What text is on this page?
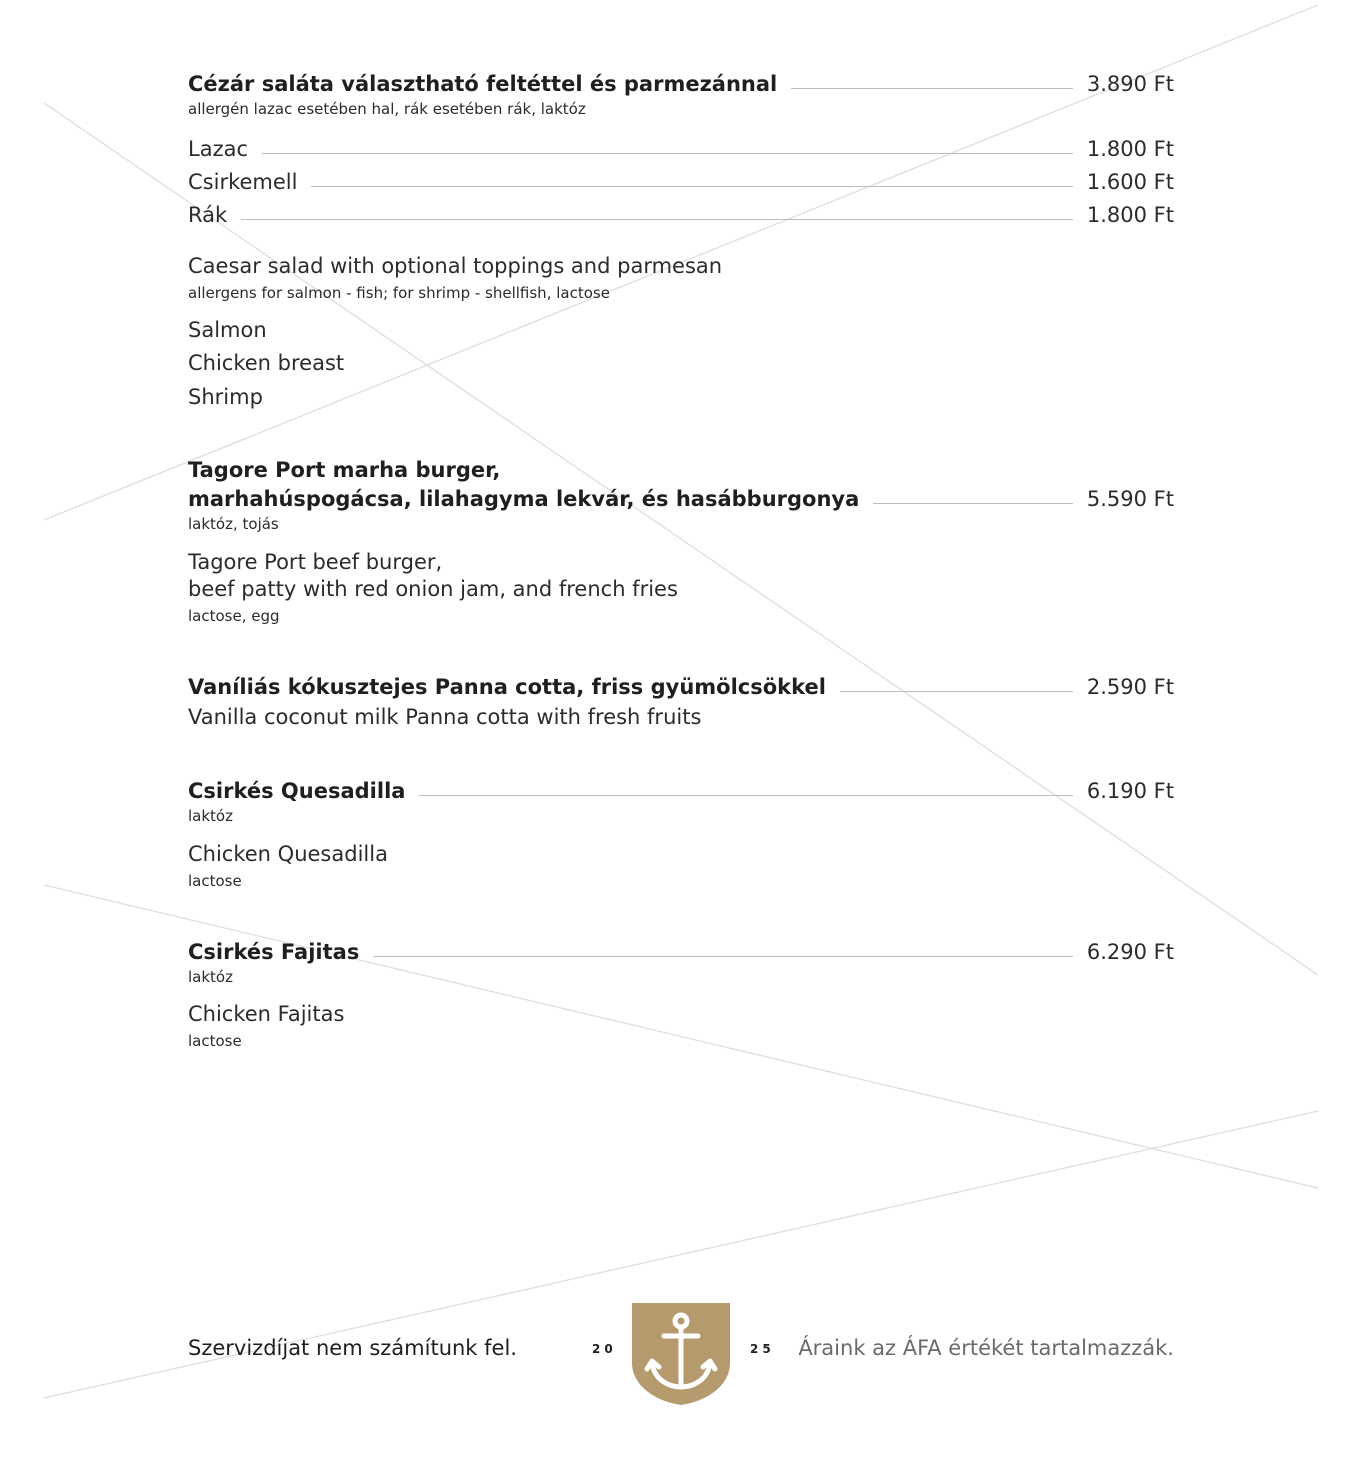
Cézár saláta választható feltéttel és parmezánnal	3.890 Ft
allergén lazac esetében hal, rák esetében rák, laktóz
Lazac	1.800 Ft
Csirkemell	1.600 Ft
Rák	1.800 Ft
Caesar salad with optional toppings and parmesan
allergens for salmon - fish; for shrimp - shellfish, lactose
Salmon
Chicken breast
Shrimp
Tagore Port marha burger,
marhahúspogácsa, lilahagyma lekvár, és hasábburgonya	5.590 Ft
laktóz, tojás
Tagore Port beef burger,
beef patty with red onion jam, and french fries
lactose, egg
Vaníliás kókusztejes Panna cotta, friss gyümölcsökkel	2.590 Ft
Vanilla coconut milk Panna cotta with fresh fruits
Csirkés Quesadilla	6.190 Ft
laktóz
Chicken Quesadilla
lactose
Csirkés Fajitas	6.290 Ft
laktóz
Chicken Fajitas
lactose
Szervizdíjat nem számítunk fel.	20	25 Áraink az ÁFA értékét tartalmazzák.
